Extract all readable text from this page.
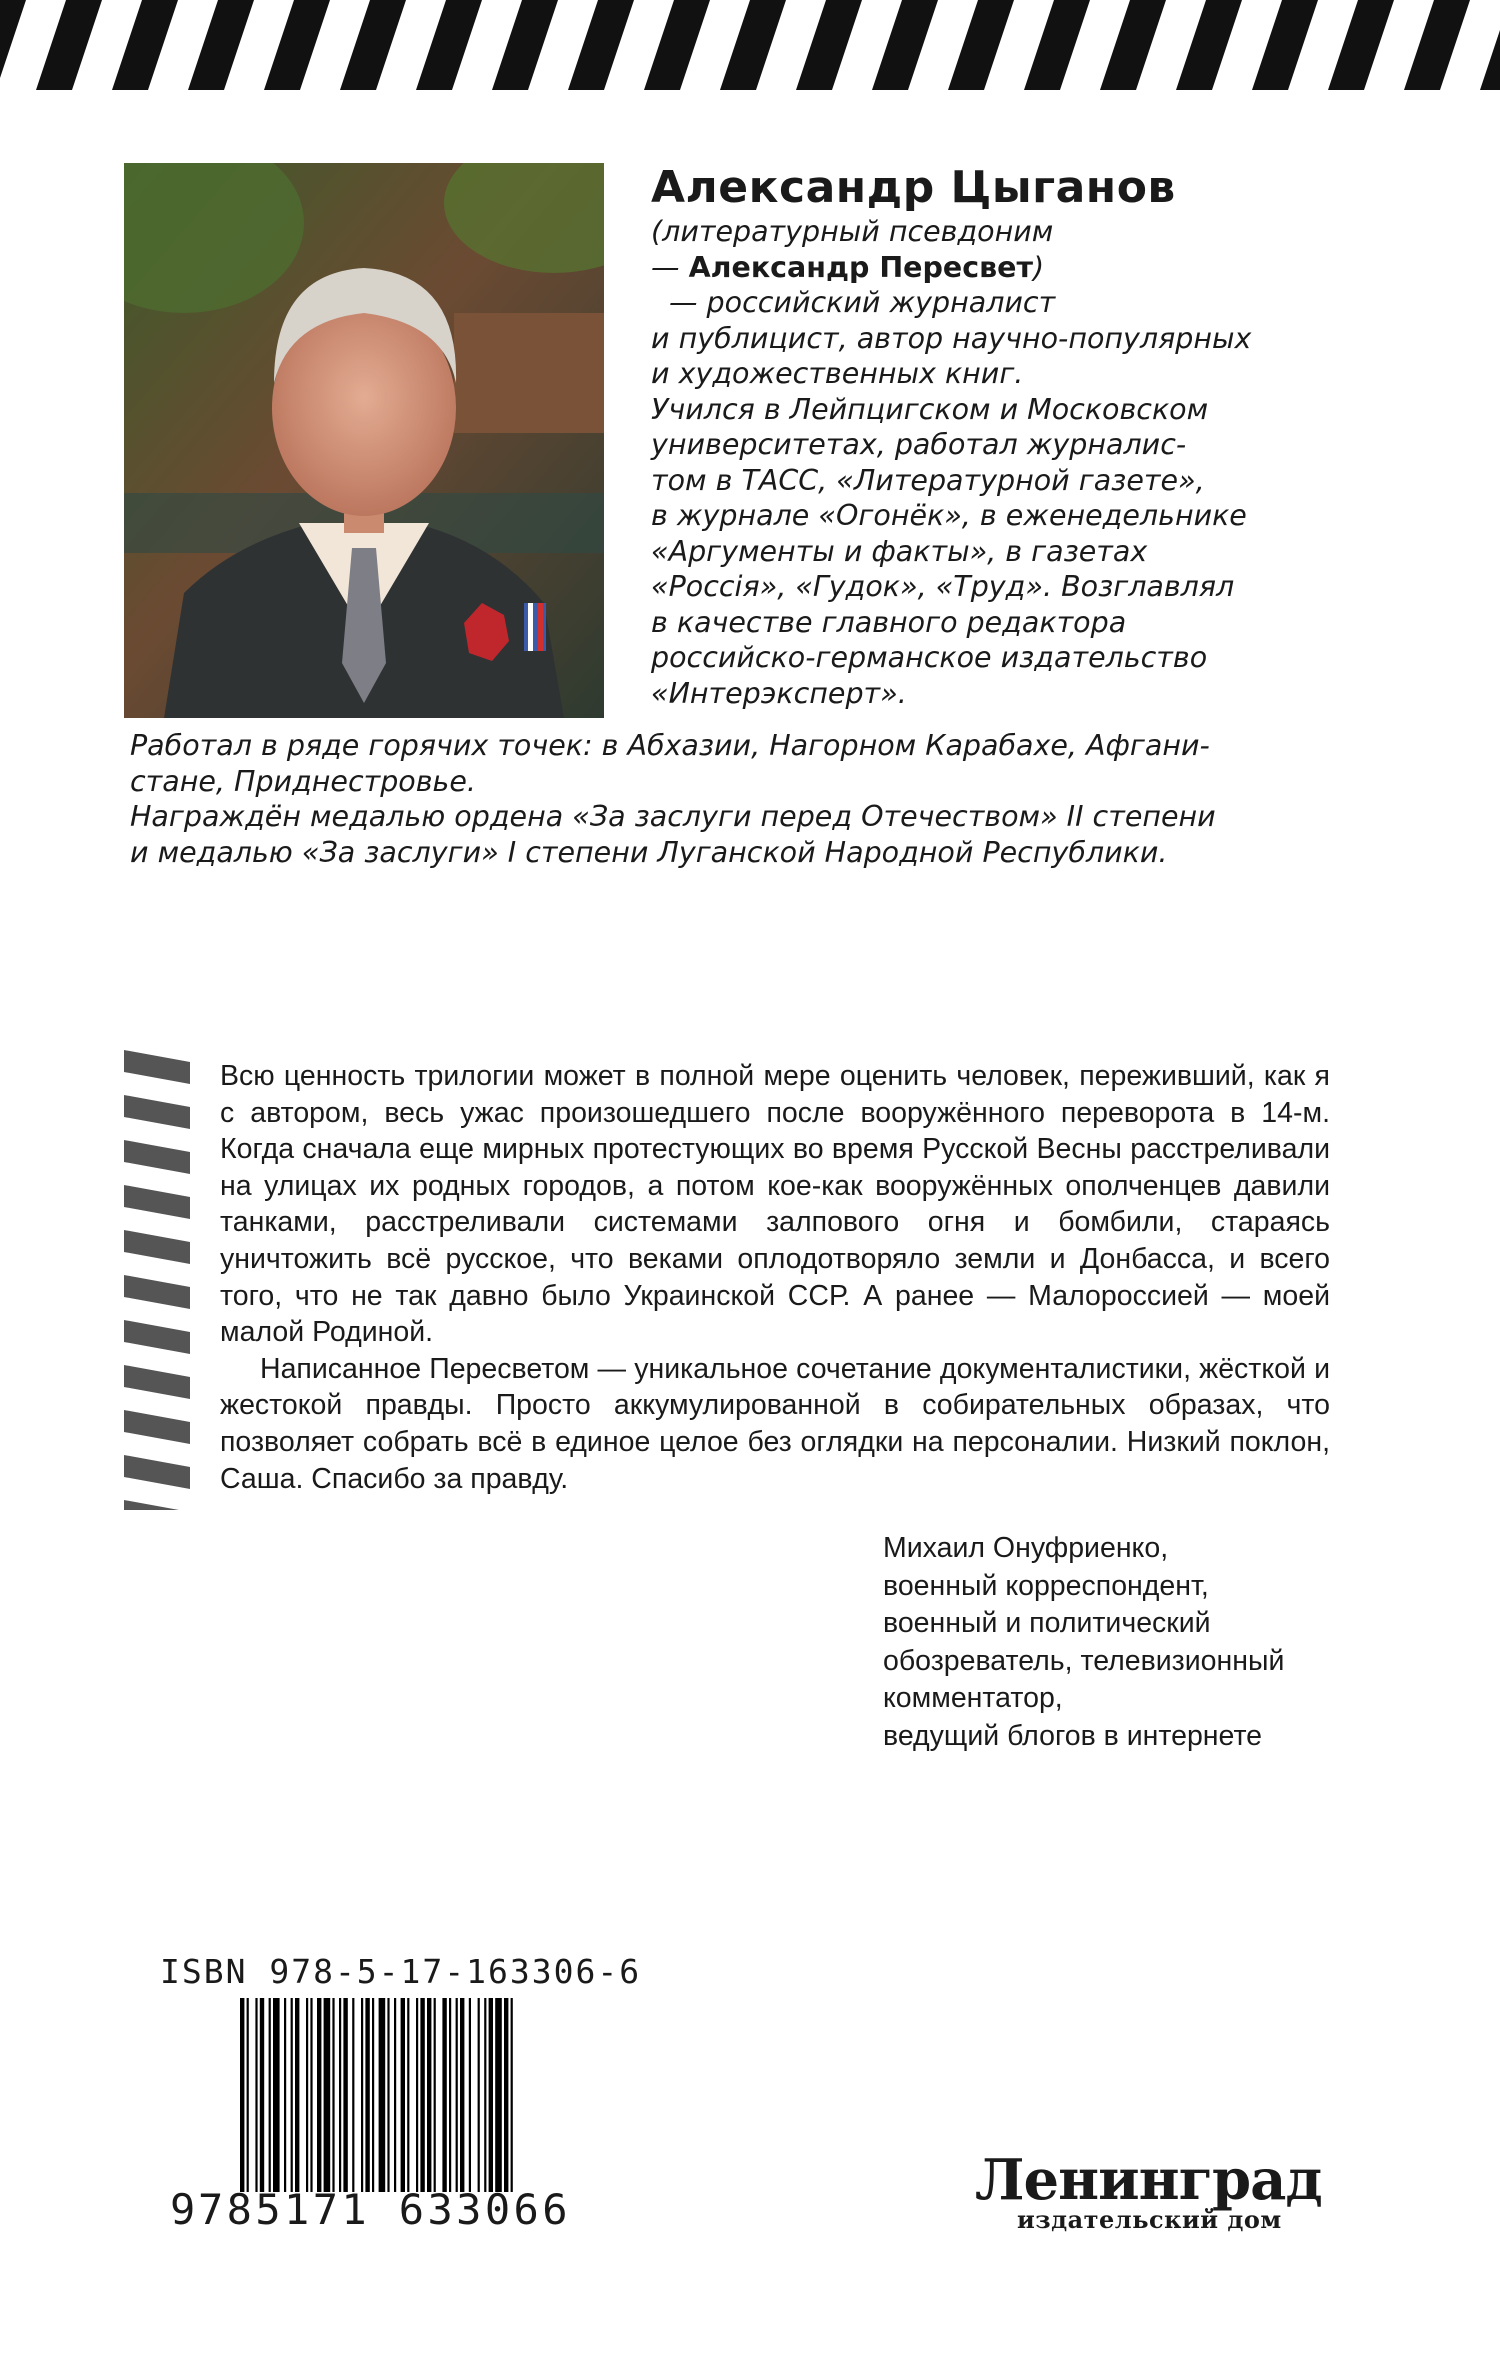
Александр Цыганов

(литературный псевдоним

— Александр Пересвет)

— российский журналист

и публицист, автор научно-популярных

и художественных книг.

Учился в Лейпцигском и Московском

университетах, работал журналис-

том в ТАСС, «Литературной газете»,

в журнале «Огонёк», в еженедельнике

«Аргументы и факты», в газетах

«Россія», «Гудок», «Труд». Возглавлял

в качестве главного редактора

российско-германское издательство

«Интерэксперт».

Работал в ряде горячих точек: в Абхазии, Нагорном Карабахе, Афгани-

стане, Приднестровье.

Награждён медалью ордена «За заслуги перед Отечеством» II степени

и медалью «За заслуги» I степени Луганской Народной Республики.

Всю ценность трилогии может в полной мере оценить человек, переживший, как я с автором, весь ужас произошедшего после вооружённого переворота в 14-м. Когда сначала еще мирных протестующих во время Русской Весны расстреливали на улицах их родных городов, а потом кое-как вооружённых ополченцев давили танками, расстреливали системами залпового огня и бомбили, стараясь уничтожить всё русское, что веками оплодотворяло земли и Донбасса, и всего того, что не так давно было Украинской ССР. А ранее — Малороссией — моей малой Родиной.

Написанное Пересветом — уникальное сочетание документалистики, жёсткой и жестокой правды. Просто аккумулированной в собирательных образах, что позволяет собрать всё в единое целое без оглядки на персоналии. Низкий поклон, Саша. Спасибо за правду.

Михаил Онуфриенко,
военный корреспондент,
военный и политический
обозреватель, телевизионный
комментатор,
ведущий блогов в интернете
ISBN 978-5-17-163306-6
9 785171 633066	Ленинград
издательский дом
